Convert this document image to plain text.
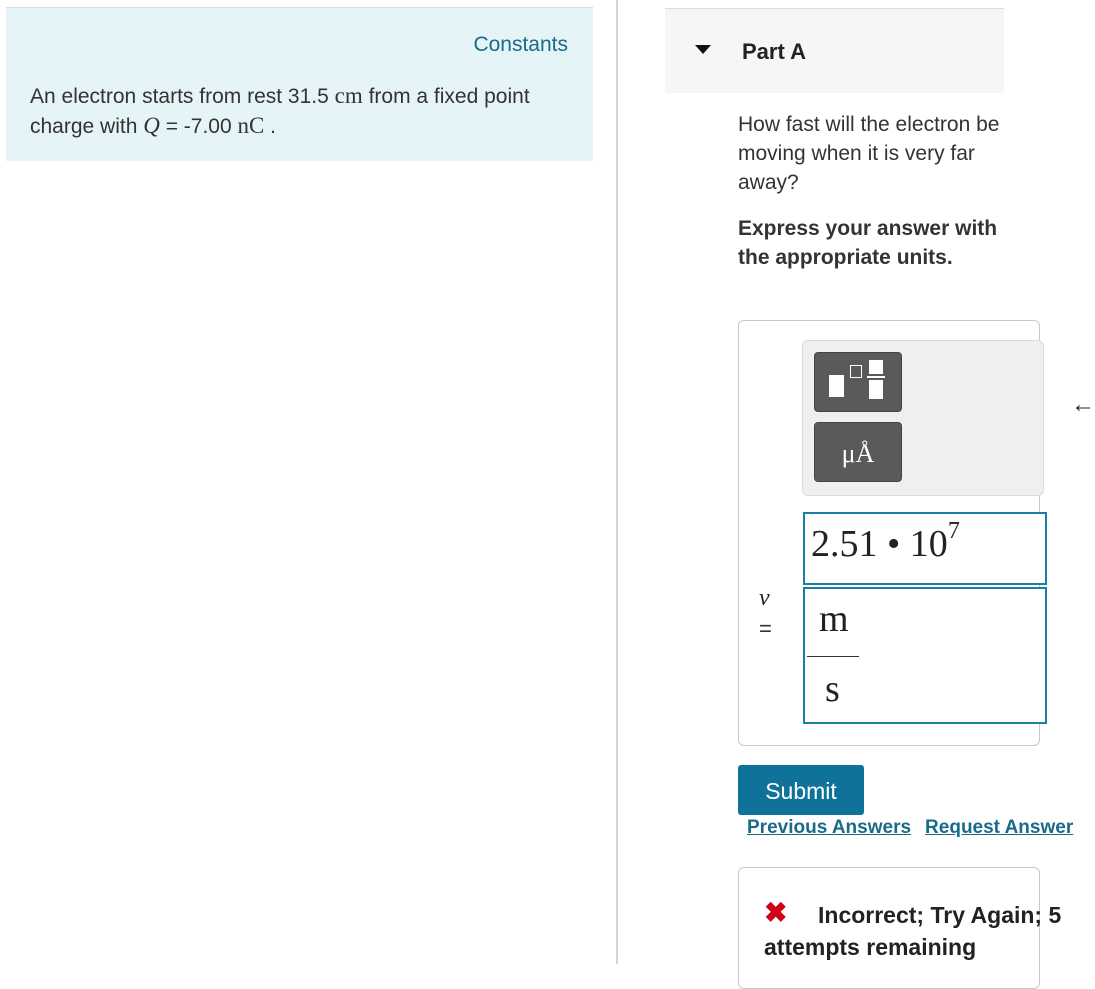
Constants
An electron starts from rest 31.5 cm from a fixed point charge with Q = -7.00 nC .
Part A
How fast will the electron be moving when it is very far away?
Express your answer with the appropriate units.
μÅ
←
2.51 • $10^7$
v
= m
s
Submit
Previous Answers Request Answer
✖	Incorrect; Try Again; 5 attempts remaining
